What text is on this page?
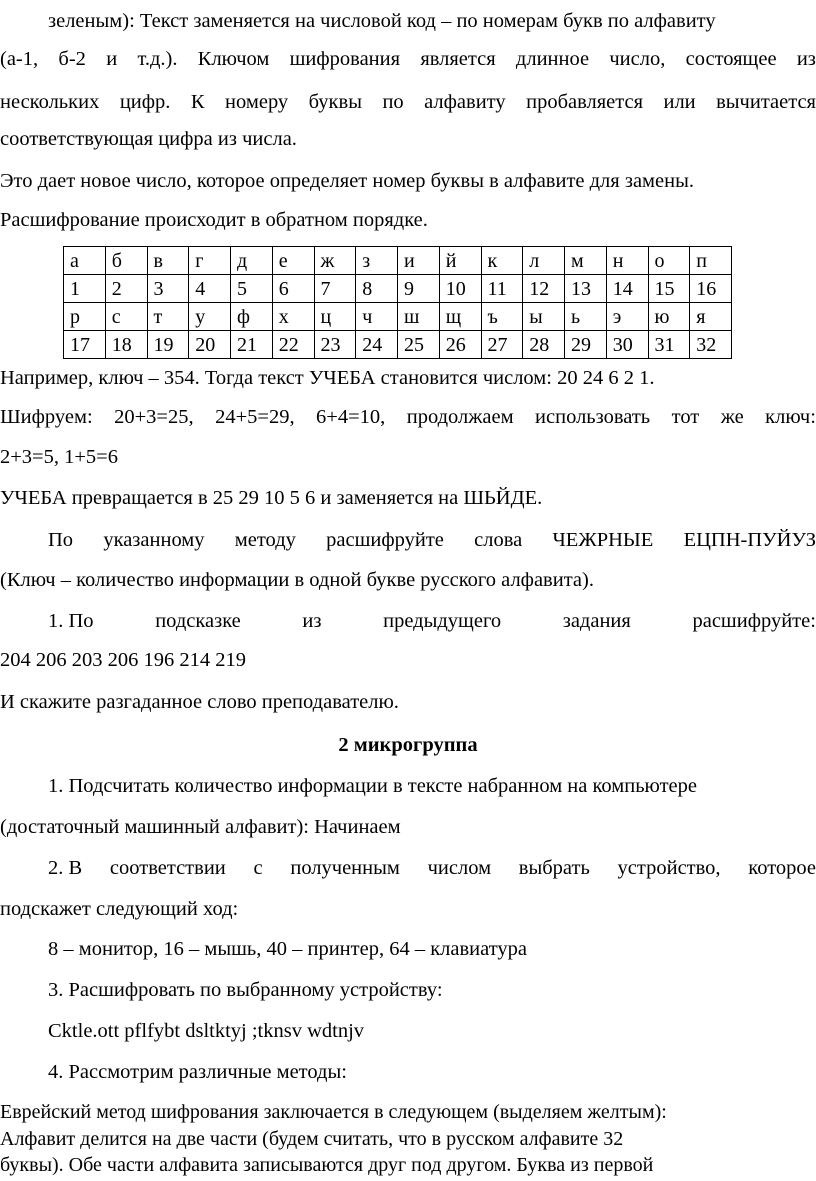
зеленым): Текст заменяется на числовой код – по номерам букв по алфавиту
(а-1, б-2 и т.д.). Ключом шифрования является длинное число, состоящее из
нескольких цифр. К номеру буквы по алфавиту пробавляется или вычитается
соответствующая цифра из числа.
Это дает новое число, которое определяет номер буквы в алфавите для замены.
Расшифрование происходит в обратном порядке.
а	б	в	г	д	е	ж	з	и	й	к	л	м	н	о	п
1	2	3	4	5	6	7	8	9	10	11	12	13	14	15	16
р	с	т	у	ф	х	ц	ч	ш	щ	ъ	ы	ь	э	ю	я
17	18	19	20	21	22	23	24	25	26	27	28	29	30	31	32
Например, ключ – 354. Тогда текст УЧЕБА становится числом: 20 24 6 2 1.
Шифруем: 20+3=25, 24+5=29, 6+4=10, продолжаем использовать тот же ключ:
2+3=5, 1+5=6
УЧЕБА превращается в 25 29 10 5 6 и заменяется на ШЬЙДЕ.
По указанному методу расшифруйте слова ЧЕЖРНЫЕ ЕЦПН-ПУЙУЗ
(Ключ – количество информации в одной букве русского алфавита).
1. По	подсказке	из	предыдущего	задания	расшифруйте:
204 206 203 206 196 214 219
И скажите разгаданное слово преподавателю.
2 микрогруппа
1. Подсчитать количество информации в тексте набранном на компьютере
(достаточный машинный алфавит): Начинаем
2. В соответствии с полученным числом выбрать устройство, которое
подскажет следующий ход:
8 – монитор, 16 – мышь, 40 – принтер, 64 – клавиатура
3. Расшифровать по выбранному устройству:
Cktle.ott pflfybt dsltktyj ;tknsv wdtnjv
4. Рассмотрим различные методы:
Еврейский метод шифрования заключается в следующем (выделяем желтым):
Алфавит делится на две части (будем считать, что в русском алфавите 32
буквы). Обе части алфавита записываются друг под другом. Буква из первой
